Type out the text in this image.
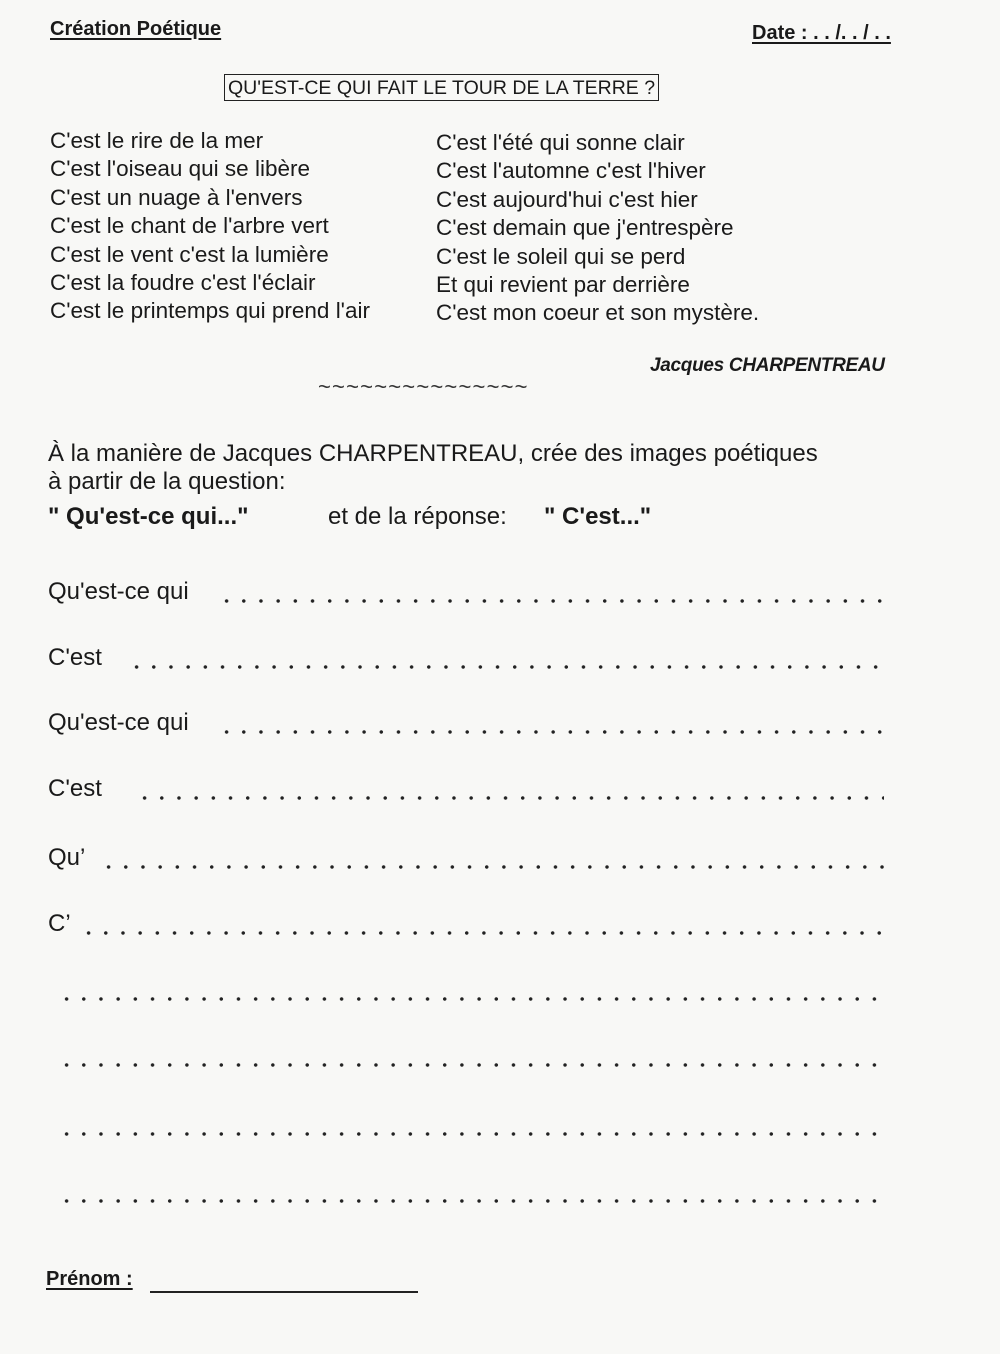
Création Poétique	Date : . . /. . / . .
QU'EST-CE QUI FAIT LE TOUR DE LA TERRE ?
C'est le rire de la mer
C'est l'oiseau qui se libère
C'est un nuage à l'envers
C'est le chant de l'arbre vert
C'est le vent c'est la lumière
C'est la foudre c'est l'éclair
C'est le printemps qui prend l'air
C'est l'été qui sonne clair
C'est l'automne c'est l'hiver
C'est aujourd'hui c'est hier
C'est demain que j'entrespère
C'est le soleil qui se perd
Et qui revient par derrière
C'est mon coeur et son mystère.
Jacques CHARPENTREAU
~~~~~~~~~~~~~~~
À la manière de Jacques CHARPENTREAU, crée des images poétiques
à partir de la question:
" Qu'est-ce qui..."	et de la réponse: " C'est..."
Qu'est-ce qui
C'est
Qu'est-ce qui
C'est
Qu’
C’
Prénom :
